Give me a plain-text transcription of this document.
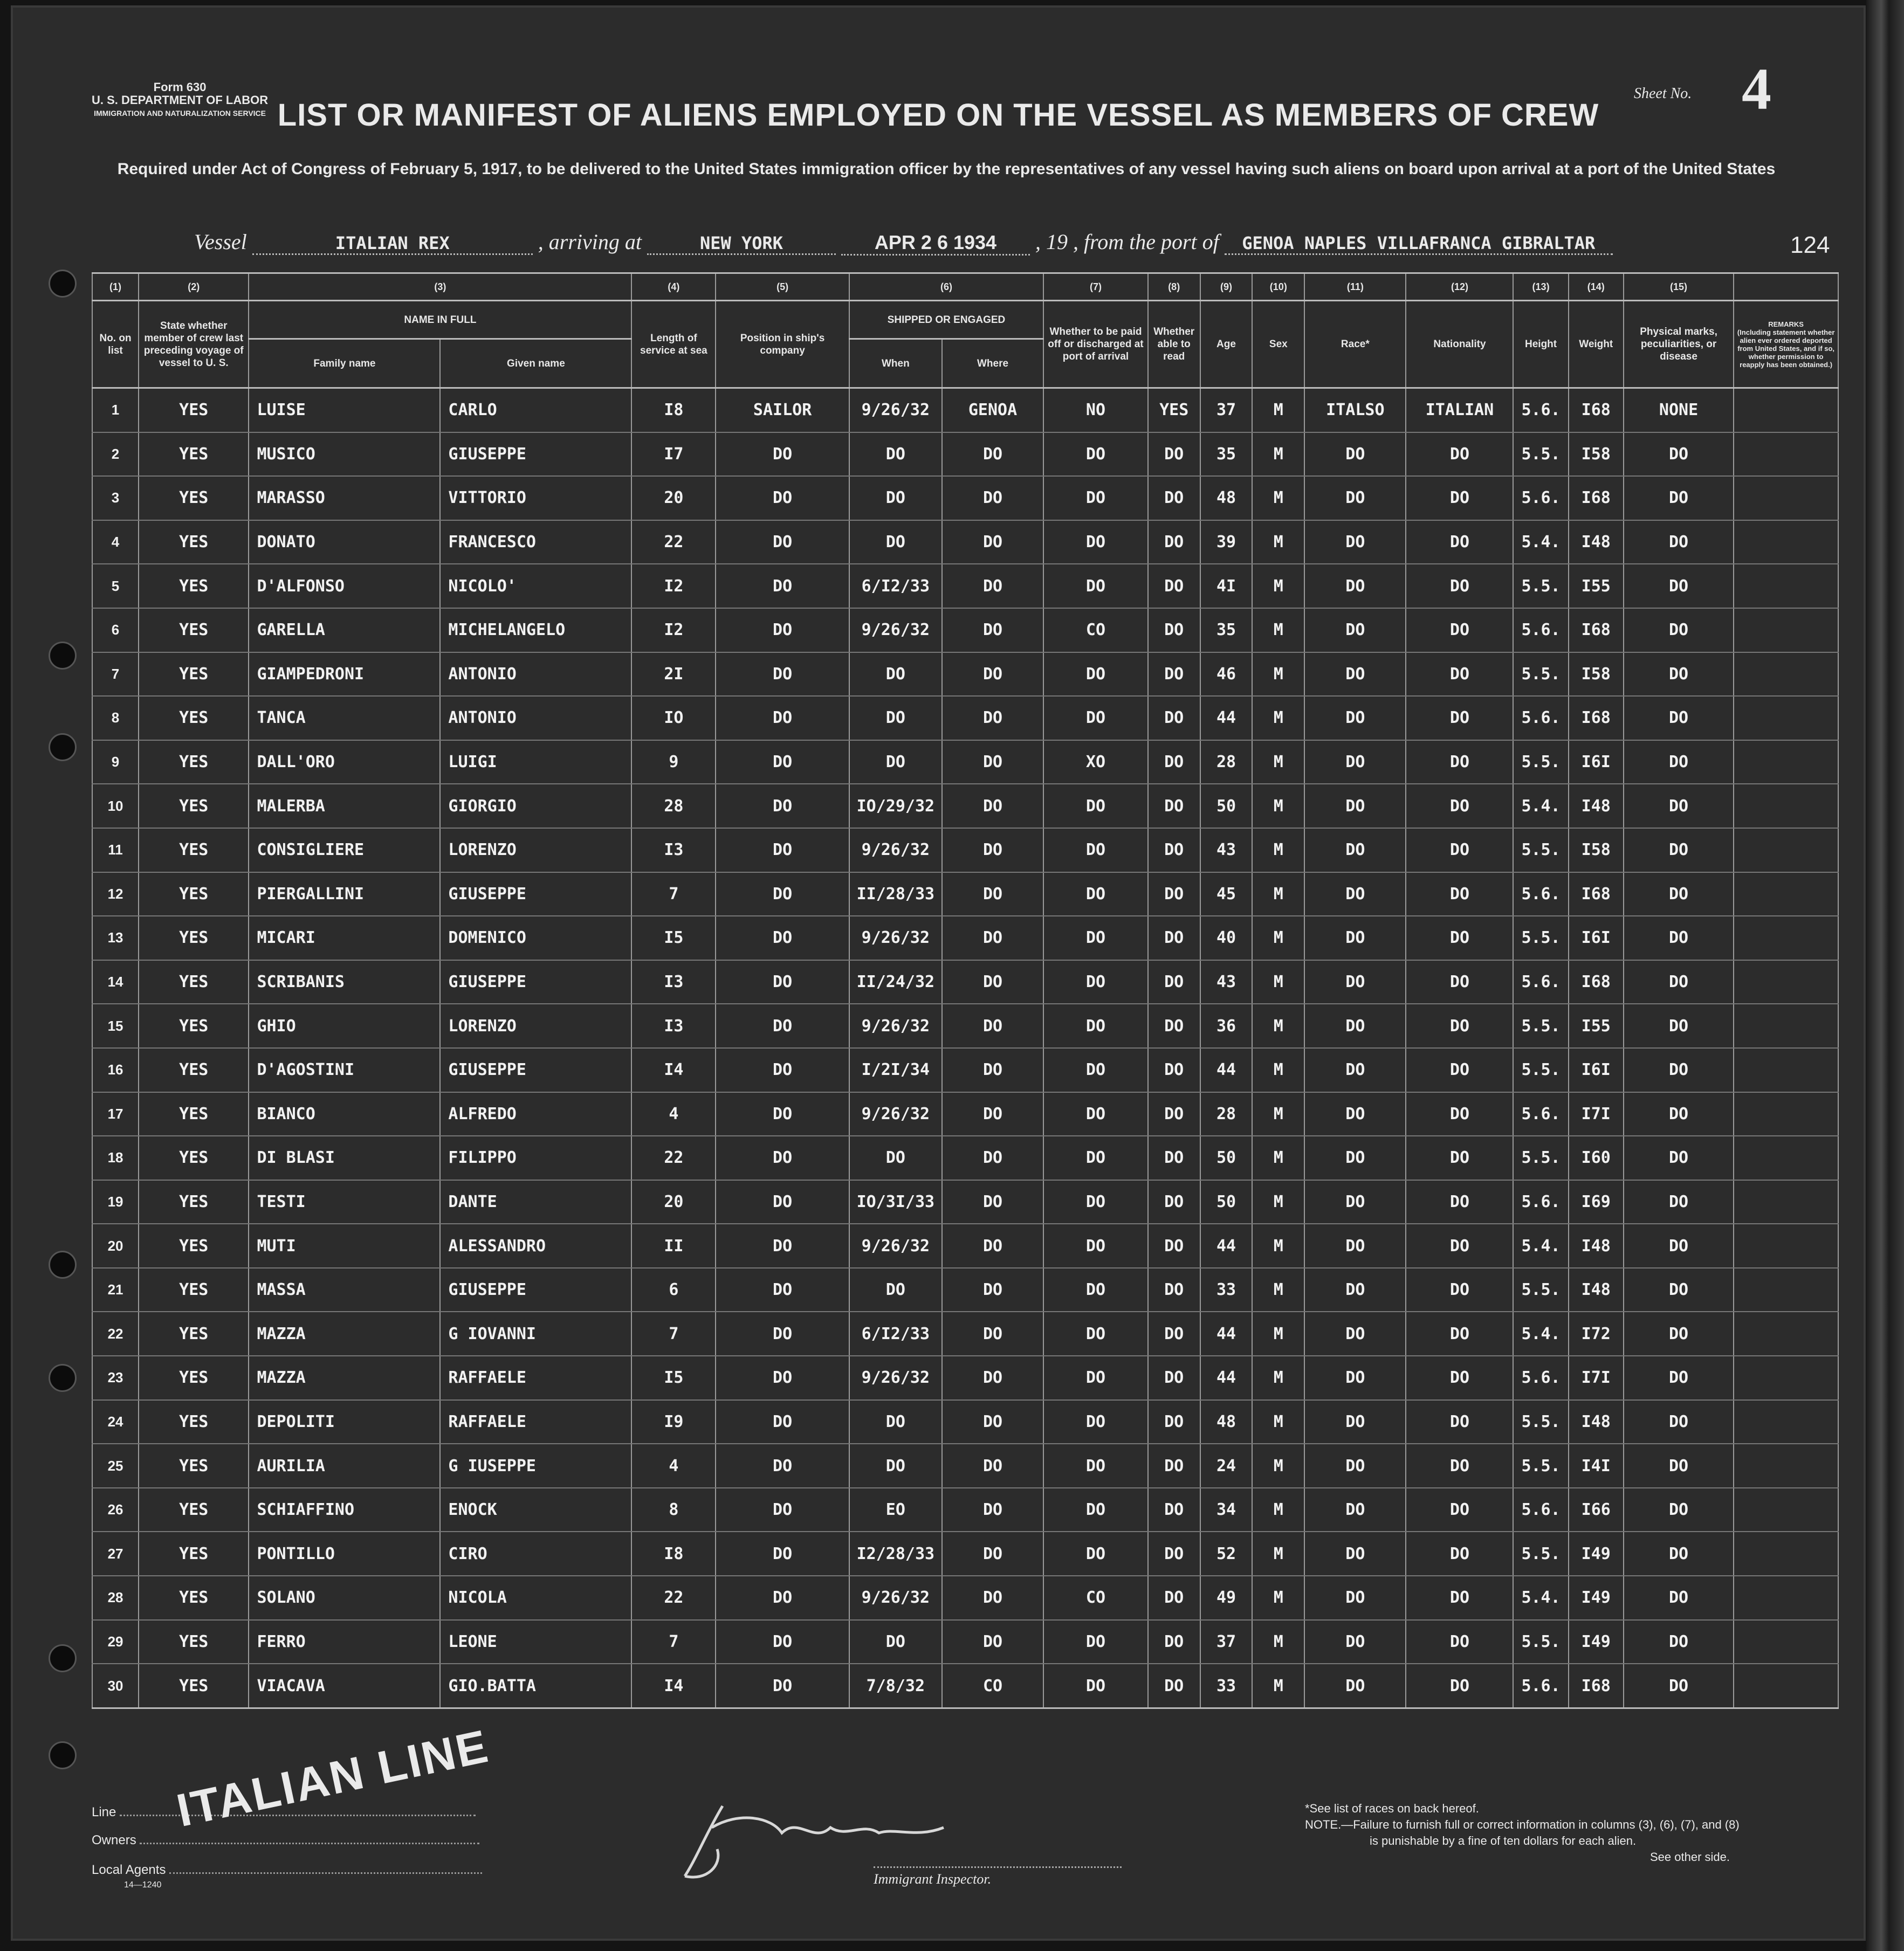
Form 630
U. S. DEPARTMENT OF LABOR
IMMIGRATION AND NATURALIZATION SERVICE
Sheet No. 4
LIST OR MANIFEST OF ALIENS EMPLOYED ON THE VESSEL AS MEMBERS OF CREW
Required under Act of Congress of February 5, 1917, to be delivered to the United States immigration officer by the representatives of any vessel having such aliens on board upon arrival at a port of the United States
Vessel	ITALIAN REX	, arriving at	NEW YORK	APR 2 6 1934 , 19 , from the port of GENOA NAPLES VILLAFRANCA GIBRALTAR	124
(1)	(2)	(3)		(4)	(5)	(6)		(7)	(8)	(9)	(10)	(11)	(12)	(13)	(14)	(15)	
No. on list	State whether member of crew last preceding voyage of vessel to U. S.	NAME IN FULL		Length of service at sea	Position in ship's company	SHIPPED OR ENGAGED		Whether to be paid off or discharged at port of arrival	Whether able to read	Age	Sex	Race*	Nationality	Height	Weight	Physical marks, peculiarities, or disease	REMARKS
(Including statement whether alien ever ordered deported from United States, and if so, whether permission to reapply has been obtained.)

		Family name	Given name			When	Where										
1	YES	LUISE	CARLO	I8	SAILOR	9/26/32	GENOA	NO	YES	37	M	ITALSO	ITALIAN	5.6.	I68	NONE	
2	YES	MUSICO	GIUSEPPE	I7	DO	DO	DO	DO	DO	35	M	DO	DO	5.5.	I58	DO	
3	YES	MARASSO	VITTORIO	20	DO	DO	DO	DO	DO	48	M	DO	DO	5.6.	I68	DO	
4	YES	DONATO	FRANCESCO	22	DO	DO	DO	DO	DO	39	M	DO	DO	5.4.	I48	DO	
5	YES	D'ALFONSO	NICOLO'	I2	DO	6/I2/33	DO	DO	DO	4I	M	DO	DO	5.5.	I55	DO	
6	YES	GARELLA	MICHELANGELO	I2	DO	9/26/32	DO	CO	DO	35	M	DO	DO	5.6.	I68	DO	
7	YES	GIAMPEDRONI	ANTONIO	2I	DO	DO	DO	DO	DO	46	M	DO	DO	5.5.	I58	DO	
8	YES	TANCA	ANTONIO	IO	DO	DO	DO	DO	DO	44	M	DO	DO	5.6.	I68	DO	
9	YES	DALL'ORO	LUIGI	9	DO	DO	DO	XO	DO	28	M	DO	DO	5.5.	I6I	DO	
10	YES	MALERBA	GIORGIO	28	DO	IO/29/32	DO	DO	DO	50	M	DO	DO	5.4.	I48	DO	
11	YES	CONSIGLIERE	LORENZO	I3	DO	9/26/32	DO	DO	DO	43	M	DO	DO	5.5.	I58	DO	
12	YES	PIERGALLINI	GIUSEPPE	7	DO	II/28/33	DO	DO	DO	45	M	DO	DO	5.6.	I68	DO	
13	YES	MICARI	DOMENICO	I5	DO	9/26/32	DO	DO	DO	40	M	DO	DO	5.5.	I6I	DO	
14	YES	SCRIBANIS	GIUSEPPE	I3	DO	II/24/32	DO	DO	DO	43	M	DO	DO	5.6.	I68	DO	
15	YES	GHIO	LORENZO	I3	DO	9/26/32	DO	DO	DO	36	M	DO	DO	5.5.	I55	DO	
16	YES	D'AGOSTINI	GIUSEPPE	I4	DO	I/2I/34	DO	DO	DO	44	M	DO	DO	5.5.	I6I	DO	
17	YES	BIANCO	ALFREDO	4	DO	9/26/32	DO	DO	DO	28	M	DO	DO	5.6.	I7I	DO	
18	YES	DI BLASI	FILIPPO	22	DO	DO	DO	DO	DO	50	M	DO	DO	5.5.	I60	DO	
19	YES	TESTI	DANTE	20	DO	IO/3I/33	DO	DO	DO	50	M	DO	DO	5.6.	I69	DO	
20	YES	MUTI	ALESSANDRO	II	DO	9/26/32	DO	DO	DO	44	M	DO	DO	5.4.	I48	DO	
21	YES	MASSA	GIUSEPPE	6	DO	DO	DO	DO	DO	33	M	DO	DO	5.5.	I48	DO	
22	YES	MAZZA	G IOVANNI	7	DO	6/I2/33	DO	DO	DO	44	M	DO	DO	5.4.	I72	DO	
23	YES	MAZZA	RAFFAELE	I5	DO	9/26/32	DO	DO	DO	44	M	DO	DO	5.6.	I7I	DO	
24	YES	DEPOLITI	RAFFAELE	I9	DO	DO	DO	DO	DO	48	M	DO	DO	5.5.	I48	DO	
25	YES	AURILIA	G IUSEPPE	4	DO	DO	DO	DO	DO	24	M	DO	DO	5.5.	I4I	DO	
26	YES	SCHIAFFINO	ENOCK	8	DO	EO	DO	DO	DO	34	M	DO	DO	5.6.	I66	DO	
27	YES	PONTILLO	CIRO	I8	DO	I2/28/33	DO	DO	DO	52	M	DO	DO	5.5.	I49	DO	
28	YES	SOLANO	NICOLA	22	DO	9/26/32	DO	CO	DO	49	M	DO	DO	5.4.	I49	DO	
29	YES	FERRO	LEONE	7	DO	DO	DO	DO	DO	37	M	DO	DO	5.5.	I49	DO	
30	YES	VIACAVA	GIO.BATTA	I4	DO	7/8/32	CO	DO	DO	33	M	DO	DO	5.6.	I68	DO	
Line
Owners
Local Agents
14—1240
ITALIAN LINE
Immigrant Inspector.
*See list of races on back hereof.
NOTE.—Failure to furnish full or correct information in columns (3), (6), (7), and (8)
is punishable by a fine of ten dollars for each alien.
See other side.
